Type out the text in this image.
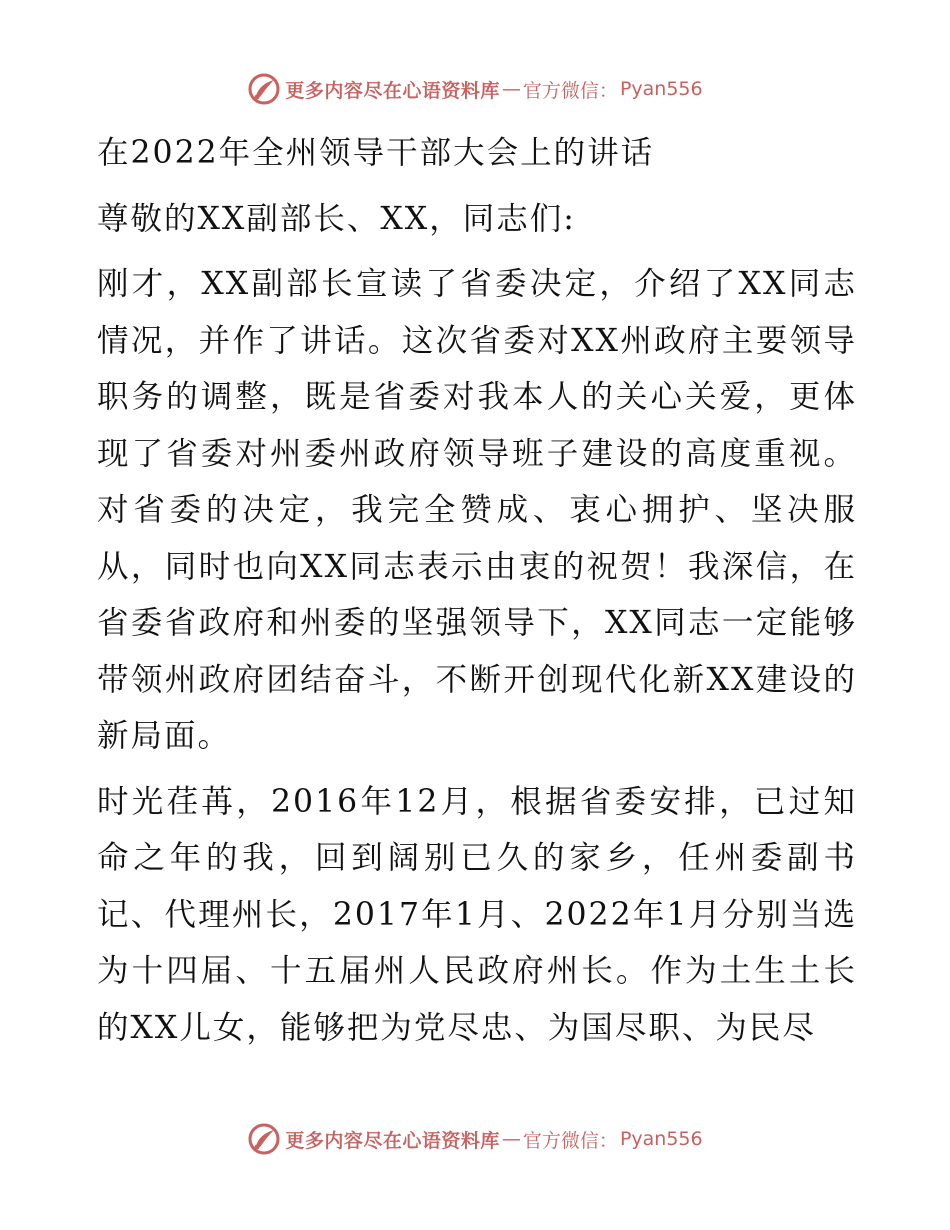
更多内容尽在心语资料库 — 官方微信： Pyan556

在2022年全州领导干部大会上的讲话

尊敬的XX副部长、XX，同志们:

刚才，XX副部长宣读了省委决定，介绍了XX同志情况，并作了讲话。这次省委对XX州政府主要领导职务的调整，既是省委对我本人的关心关爱，更体现了省委对州委州政府领导班子建设的高度重视。对省委的决定，我完全赞成、衷心拥护、坚决服从，同时也向XX同志表示由衷的祝贺！我深信，在省委省政府和州委的坚强领导下，XX同志一定能够带领州政府团结奋斗，不断开创现代化新XX建设的新局面。

时光荏苒，2016年12月，根据省委安排，已过知命之年的我，回到阔别已久的家乡，任州委副书记、代理州长，2017年1月、2022年1月分别当选为十四届、十五届州人民政府州长。作为土生土长的XX儿女，能够把为党尽忠、为国尽职、为民尽

更多内容尽在心语资料库 — 官方微信： Pyan556
